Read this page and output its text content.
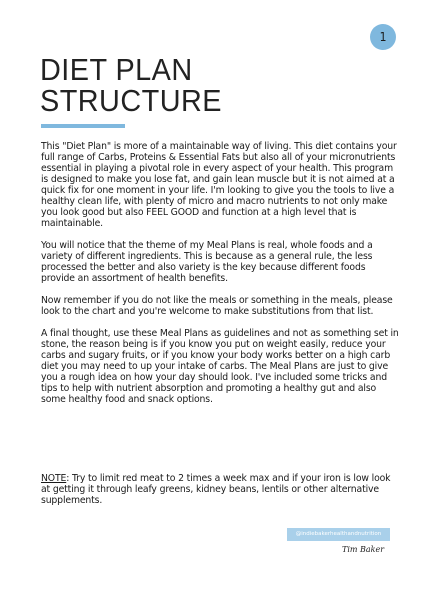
1
DIET PLAN
STRUCTURE

This "Diet Plan" is more of a maintainable way of living. This diet contains your full range of Carbs, Proteins & Essential Fats but also all of your micronutrients essential in playing a pivotal role in every aspect of your health. This program is designed to make you lose fat, and gain lean muscle but it is not aimed at a quick fix for one moment in your life. I'm looking to give you the tools to live a healthy clean life, with plenty of micro and macro nutrients to not only make you look good but also FEEL GOOD and function at a high level that is maintainable.

You will notice that the theme of my Meal Plans is real, whole foods and a variety of different ingredients. This is because as a general rule, the less processed the better and also variety is the key because different foods provide an assortment of health benefits.

Now remember if you do not like the meals or something in the meals, please look to the chart and you're welcome to make substitutions from that list.

A final thought, use these Meal Plans as guidelines and not as something set in stone, the reason being is if you know you put on weight easily, reduce your carbs and sugary fruits, or if you know your body works better on a high carb diet you may need to up your intake of carbs. The Meal Plans are just to give you a rough idea on how your day should look. I've included some tricks and tips to help with nutrient absorption and promoting a healthy gut and also some healthy food and snack options.

NOTE: Try to limit red meat to 2 times a week max and if your iron is low look at getting it through leafy greens, kidney beans, lentils or other alternative supplements.
@indiebakerhealthandnutrition
Tim Baker
